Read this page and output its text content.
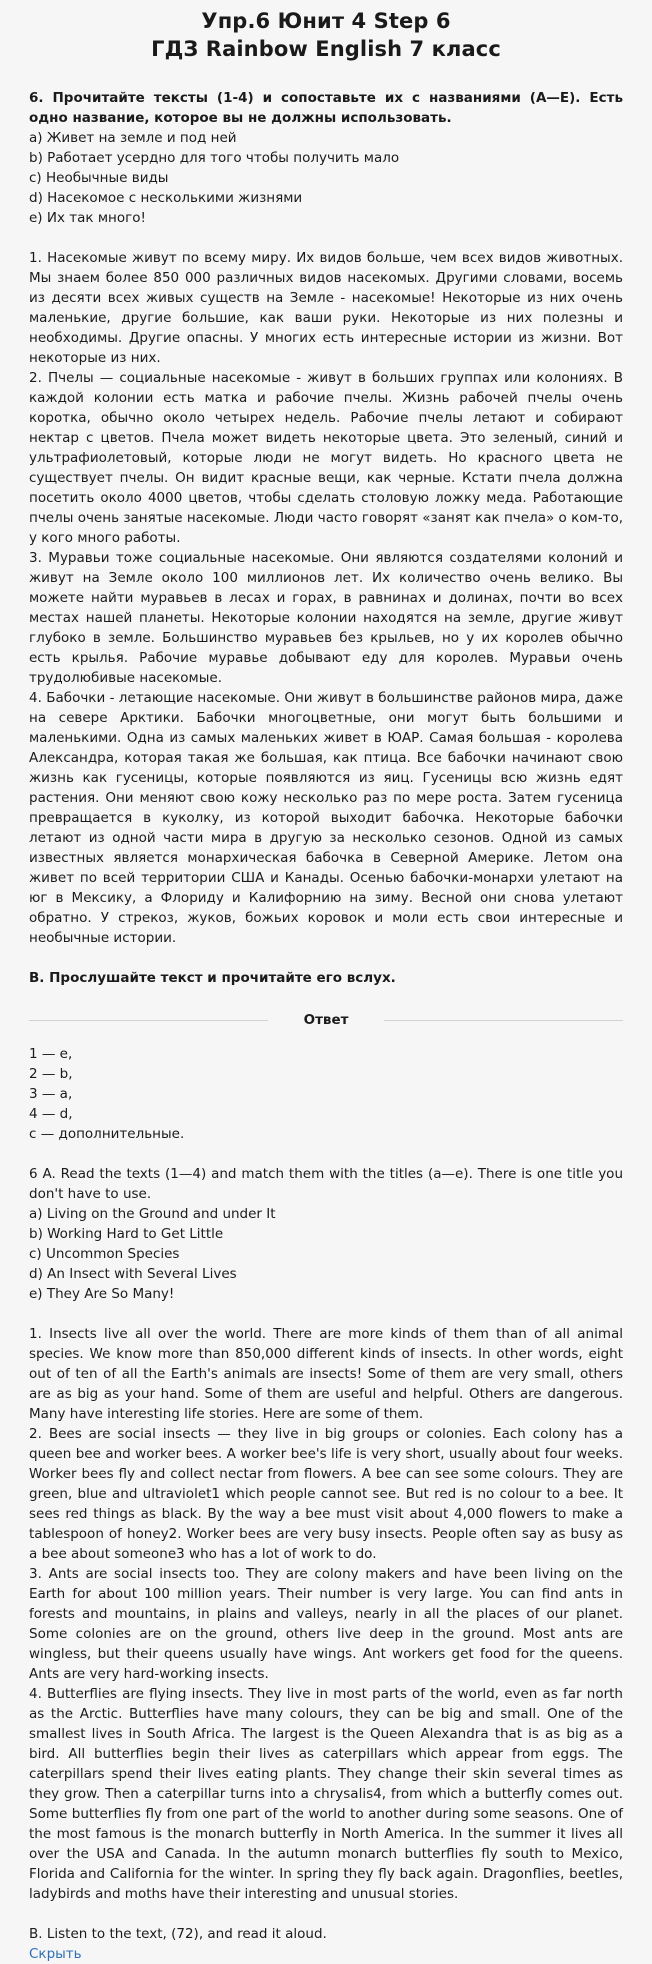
Упр.6 Юнит 4 Step 6
ГДЗ Rainbow English 7 класс

6. Прочитайте тексты (1-4) и сопоставьте их с названиями (A—E). Есть одно название, которое вы не должны использовать.

a) Живет на земле и под ней

b) Работает усердно для того чтобы получить мало

c) Необычные виды

d) Насекомое с несколькими жизнями

e) Их так много!

1. Насекомые живут по всему миру. Их видов больше, чем всех видов животных. Мы знаем более 850 000 различных видов насекомых. Другими словами, восемь из десяти всех живых существ на Земле - насекомые! Некоторые из них очень маленькие, другие большие, как ваши руки. Некоторые из них полезны и необходимы. Другие опасны. У многих есть интересные истории из жизни. Вот некоторые из них.

2. Пчелы — социальные насекомые - живут в больших группах или колониях. В каждой колонии есть матка и рабочие пчелы. Жизнь рабочей пчелы очень коротка, обычно около четырех недель. Рабочие пчелы летают и собирают нектар с цветов. Пчела может видеть некоторые цвета. Это зеленый, синий и ультрафиолетовый, которые люди не могут видеть. Но красного цвета не существует пчелы. Он видит красные вещи, как черные. Кстати пчела должна посетить около 4000 цветов, чтобы сделать столовую ложку меда. Работающие пчелы очень занятые насекомые. Люди часто говорят «занят как пчела» о ком-то, у кого много работы.

3. Муравьи тоже социальные насекомые. Они являются создателями колоний и живут на Земле около 100 миллионов лет. Их количество очень велико. Вы можете найти муравьев в лесах и горах, в равнинах и долинах, почти во всех местах нашей планеты. Некоторые колонии находятся на земле, другие живут глубоко в земле. Большинство муравьев без крыльев, но у их королев обычно есть крылья. Рабочие муравье добывают еду для королев. Муравьи очень трудолюбивые насекомые.

4. Бабочки - летающие насекомые. Они живут в большинстве районов мира, даже на севере Арктики. Бабочки многоцветные, они могут быть большими и маленькими. Одна из самых маленьких живет в ЮАР. Самая большая - королева Александра, которая такая же большая, как птица. Все бабочки начинают свою жизнь как гусеницы, которые появляются из яиц. Гусеницы всю жизнь едят растения. Они меняют свою кожу несколько раз по мере роста. Затем гусеница превращается в куколку, из которой выходит бабочка. Некоторые бабочки летают из одной части мира в другую за несколько сезонов. Одной из самых известных является монархическая бабочка в Северной Америке. Летом она живет по всей территории США и Канады. Осенью бабочки-монархи улетают на юг в Мексику, а Флориду и Калифорнию на зиму. Весной они снова улетают обратно. У стрекоз, жуков, божьих коровок и моли есть свои интересные и необычные истории.

B. Прослушайте текст и прочитайте его вслух.

Ответ

1 — e,

2 — b,

3 — a,

4 — d,

c — дополнительные.

6 A. Read the texts (1—4) and match them with the titles (a—e). There is one title you don't have to use.

a) Living on the Ground and under It

b) Working Hard to Get Little

c) Uncommon Species

d) An Insect with Several Lives

e) They Are So Many!

1. Insects live all over the world. There are more kinds of them than of all animal species. We know more than 850,000 different kinds of insects. In other words, eight out of ten of all the Earth's animals are insects! Some of them are very small, others are as big as your hand. Some of them are useful and helpful. Others are dangerous. Many have interesting life stories. Here are some of them.

2. Bees are social insects — they live in big groups or colonies. Each colony has a queen bee and worker bees. A worker bee's life is very short, usually about four weeks. Worker bees fly and collect nectar from flowers. A bee can see some colours. They are green, blue and ultraviolet1 which people cannot see. But red is no colour to a bee. It sees red things as black. By the way a bee must visit about 4,000 flowers to make a tablespoon of honey2. Worker bees are very busy insects. People often say as busy as a bee about someone3 who has a lot of work to do.

3. Ants are social insects too. They are colony makers and have been living on the Earth for about 100 million years. Their number is very large. You can find ants in forests and mountains, in plains and valleys, nearly in all the places of our planet. Some colonies are on the ground, others live deep in the ground. Most ants are wingless, but their queens usually have wings. Ant workers get food for the queens. Ants are very hard-working insects.

4. Butterflies are flying insects. They live in most parts of the world, even as far north as the Arctic. Butterflies have many colours, they can be big and small. One of the smallest lives in South Africa. The largest is the Queen Alexandra that is as big as a bird. All butterflies begin their lives as caterpillars which appear from eggs. The caterpillars spend their lives eating plants. They change their skin several times as they grow. Then a caterpillar turns into a chrysalis4, from which a butterfly comes out. Some butterflies fly from one part of the world to another during some seasons. One of the most famous is the monarch butterfly in North America. In the summer it lives all over the USA and Canada. In the autumn monarch butterflies fly south to Mexico, Florida and California for the winter. In spring they fly back again. Dragonflies, beetles, ladybirds and moths have their interesting and unusual stories.

B. Listen to the text, (72), and read it aloud.

Скрыть
